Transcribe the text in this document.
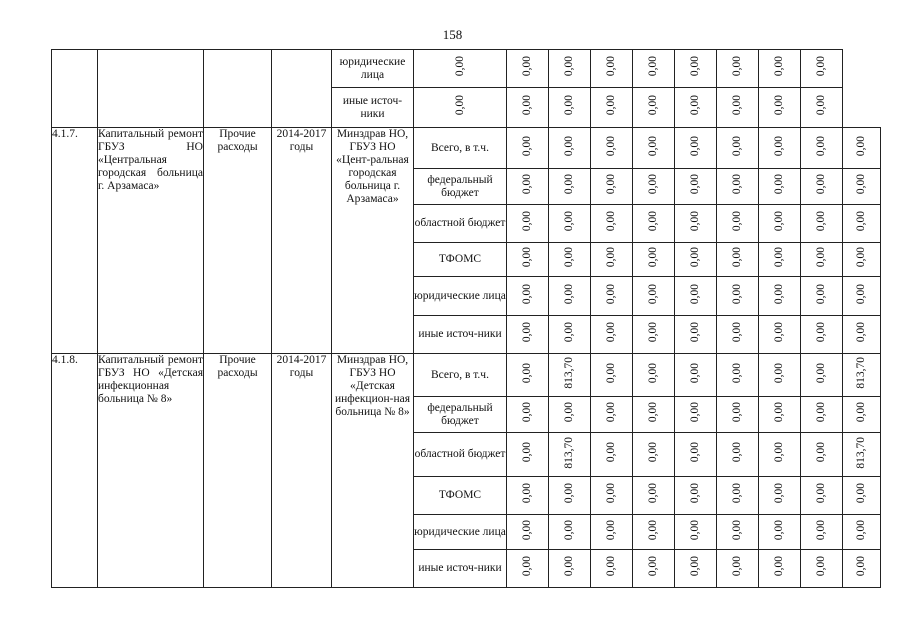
158
				юридические лица	0,00	0,00	0,00	0,00	0,00	0,00	0,00	0,00	0,00	
				иные источ-ники	0,00	0,00	0,00	0,00	0,00	0,00	0,00	0,00	0,00	
4.1.7.	Капитальный ремонт ГБУЗ НО «Центральная городская больница г. Арзамаса»	Прочие расходы	2014-2017 годы	Минздрав НО, ГБУЗ НО «Цент-ральная городская больница г. Арзамаса»	Всего, в т.ч.	0,00	0,00	0,00	0,00	0,00	0,00	0,00	0,00	0,00
					федеральный бюджет	0,00	0,00	0,00	0,00	0,00	0,00	0,00	0,00	0,00
					областной бюджет	0,00	0,00	0,00	0,00	0,00	0,00	0,00	0,00	0,00
					ТФОМС	0,00	0,00	0,00	0,00	0,00	0,00	0,00	0,00	0,00
					юридические лица	0,00	0,00	0,00	0,00	0,00	0,00	0,00	0,00	0,00
					иные источ-ники	0,00	0,00	0,00	0,00	0,00	0,00	0,00	0,00	0,00
4.1.8.	Капитальный ремонт ГБУЗ НО «Детская инфекционная больница № 8»	Прочие расходы	2014-2017 годы	Минздрав НО, ГБУЗ НО «Детская инфекцион-ная больница № 8»	Всего, в т.ч.	0,00	813,70	0,00	0,00	0,00	0,00	0,00	0,00	813,70
					федеральный бюджет	0,00	0,00	0,00	0,00	0,00	0,00	0,00	0,00	0,00
					областной бюджет	0,00	813,70	0,00	0,00	0,00	0,00	0,00	0,00	813,70
					ТФОМС	0,00	0,00	0,00	0,00	0,00	0,00	0,00	0,00	0,00
					юридические лица	0,00	0,00	0,00	0,00	0,00	0,00	0,00	0,00	0,00
					иные источ-ники	0,00	0,00	0,00	0,00	0,00	0,00	0,00	0,00	0,00
